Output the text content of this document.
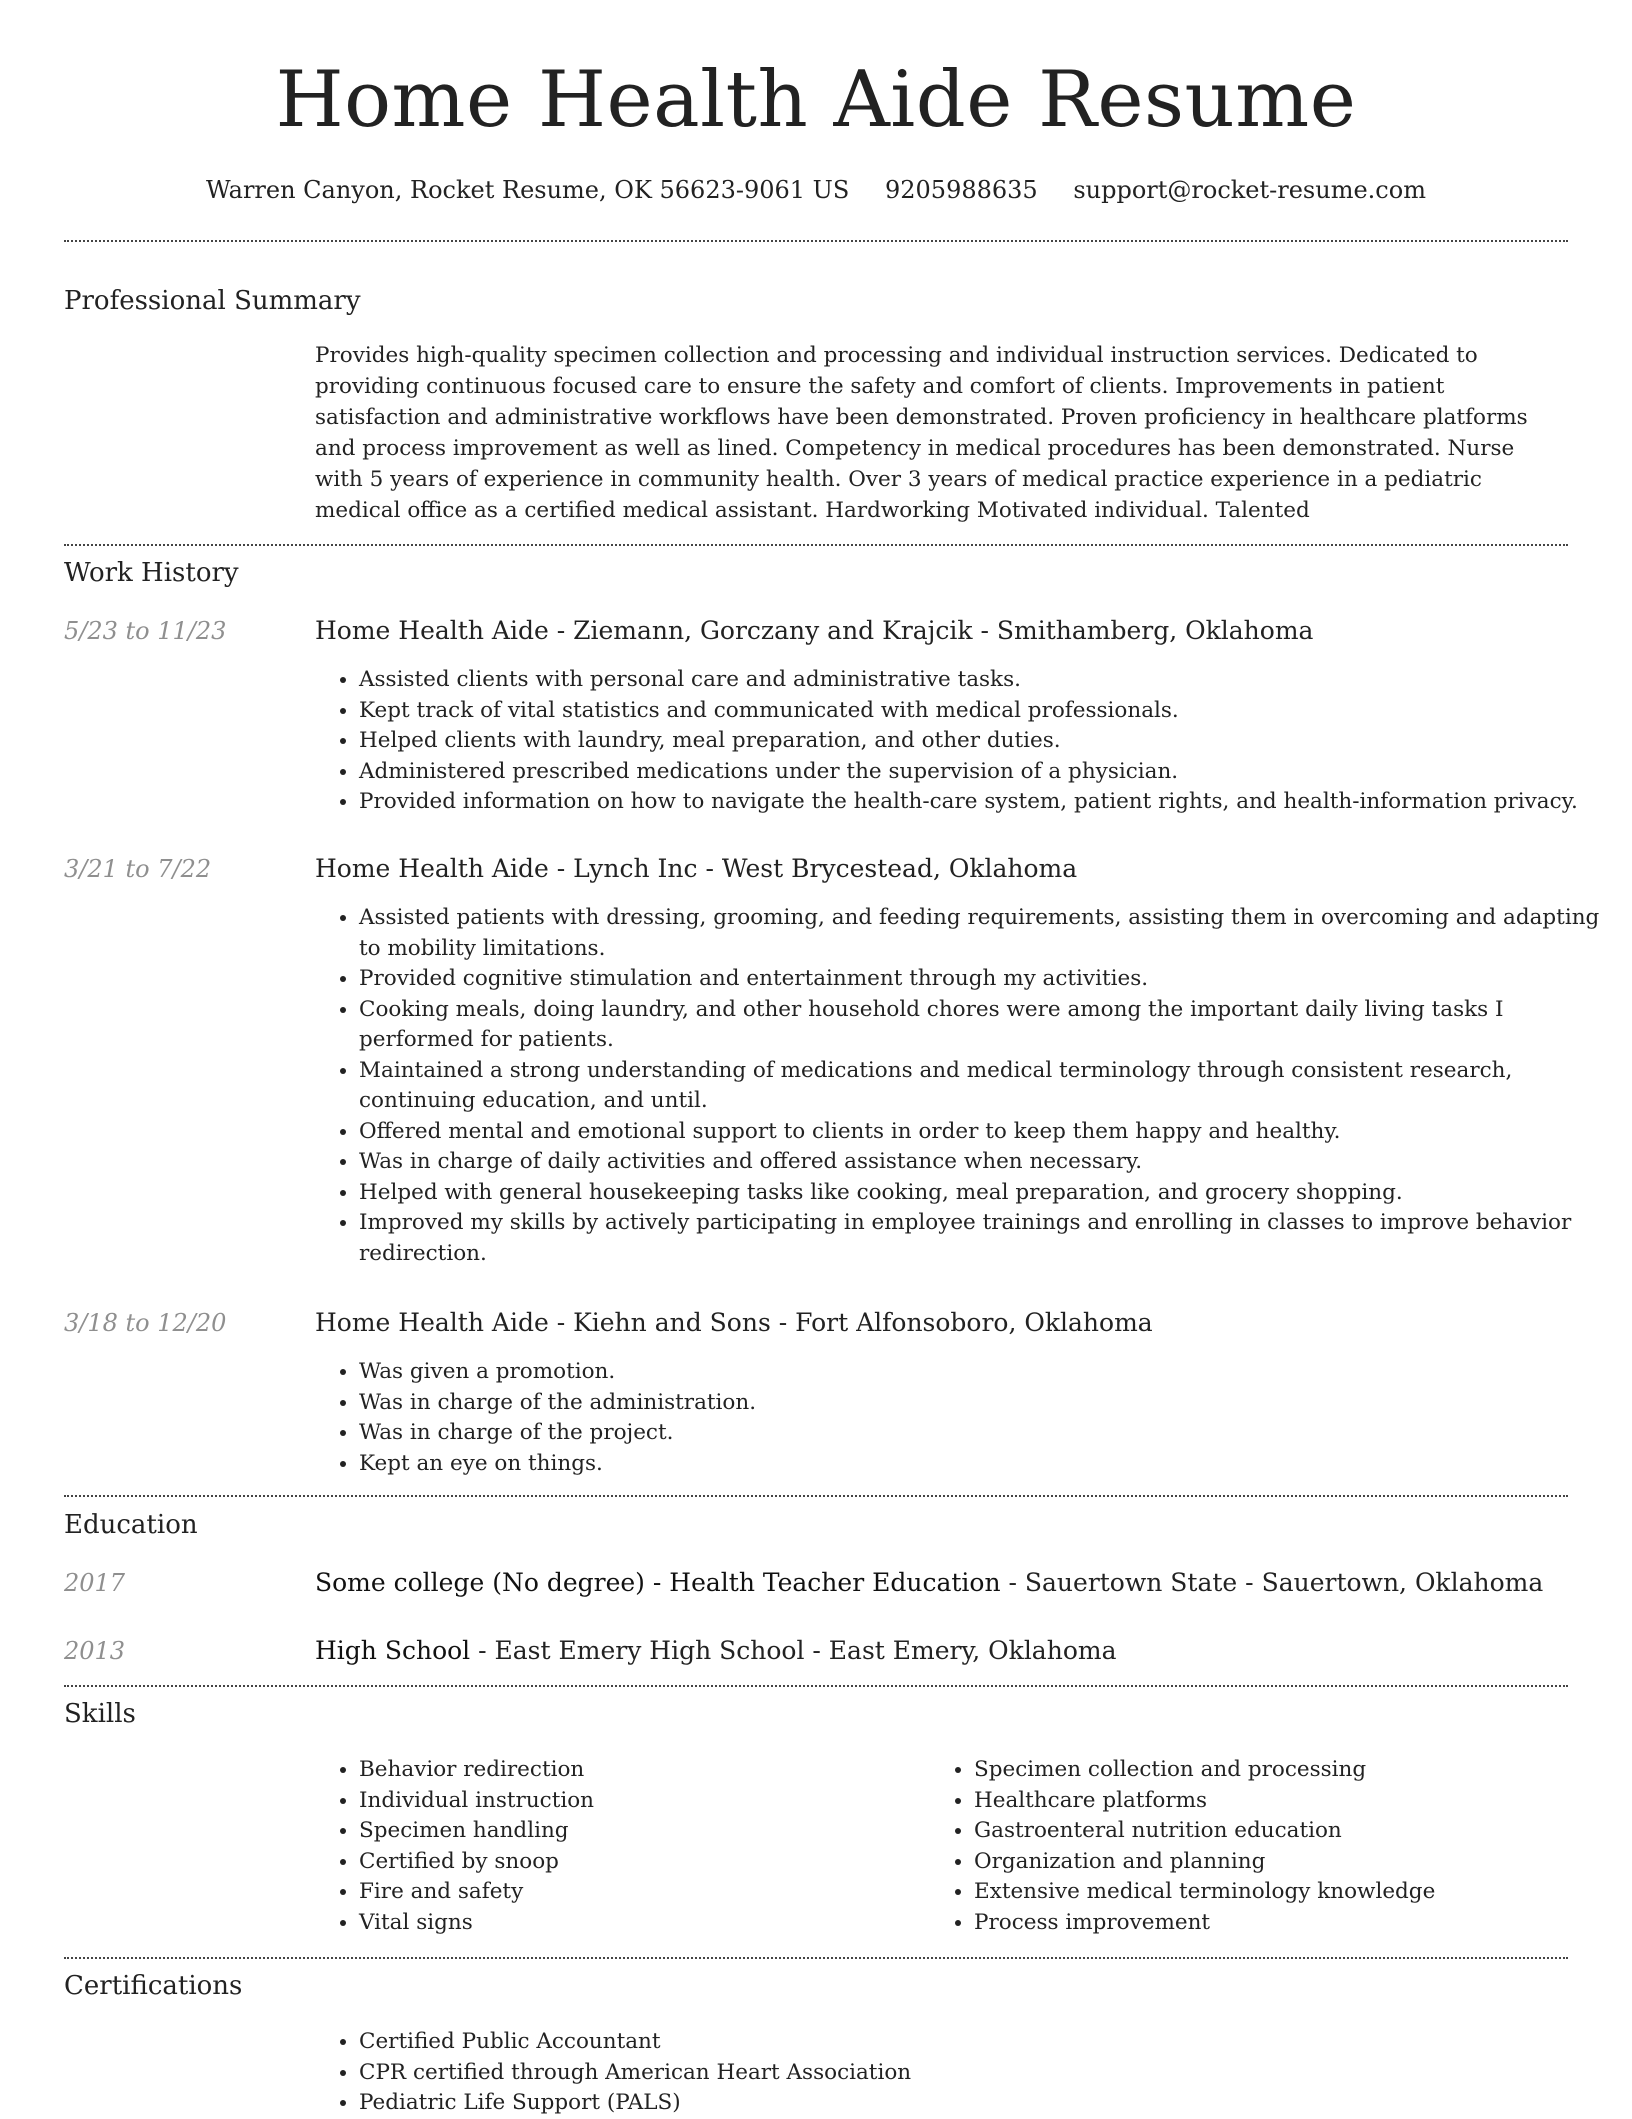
Home Health Aide Resume
Warren Canyon, Rocket Resume, OK 56623-9061 US 9205988635 support@rocket-resume.com
Professional Summary
Provides high-quality specimen collection and processing and individual instruction services. Dedicated to providing continuous focused care to ensure the safety and comfort of clients. Improvements in patient satisfaction and administrative workflows have been demonstrated. Proven proficiency in healthcare platforms and process improvement as well as lined. Competency in medical procedures has been demonstrated. Nurse with 5 years of experience in community health. Over 3 years of medical practice experience in a pediatric medical office as a certified medical assistant. Hardworking Motivated individual. Talented
Work History
5/23 to 11/23	Home Health Aide - Ziemann, Gorczany and Krajcik - Smithamberg, Oklahoma
• Assisted clients with personal care and administrative tasks.
• Kept track of vital statistics and communicated with medical professionals.
• Helped clients with laundry, meal preparation, and other duties.
• Administered prescribed medications under the supervision of a physician.
• Provided information on how to navigate the health-care system, patient rights, and health-information privacy.
3/21 to 7/22	Home Health Aide - Lynch Inc - West Brycestead, Oklahoma
• Assisted patients with dressing, grooming, and feeding requirements, assisting them in overcoming and adapting to mobility limitations.
• Provided cognitive stimulation and entertainment through my activities.
• Cooking meals, doing laundry, and other household chores were among the important daily living tasks I performed for patients.
• Maintained a strong understanding of medications and medical terminology through consistent research, continuing education, and until.
• Offered mental and emotional support to clients in order to keep them happy and healthy.
• Was in charge of daily activities and offered assistance when necessary.
• Helped with general housekeeping tasks like cooking, meal preparation, and grocery shopping.
• Improved my skills by actively participating in employee trainings and enrolling in classes to improve behavior redirection.
3/18 to 12/20	Home Health Aide - Kiehn and Sons - Fort Alfonsoboro, Oklahoma
• Was given a promotion.
• Was in charge of the administration.
• Was in charge of the project.
• Kept an eye on things.
Education
2017	Some college (No degree) - Health Teacher Education - Sauertown State - Sauertown, Oklahoma
2013	High School - East Emery High School - East Emery, Oklahoma
Skills
• Behavior redirection
• Individual instruction
• Specimen handling
• Certified by snoop
• Fire and safety
• Vital signs
• Specimen collection and processing
• Healthcare platforms
• Gastroenteral nutrition education
• Organization and planning
• Extensive medical terminology knowledge
• Process improvement
Certifications
• Certified Public Accountant
• CPR certified through American Heart Association
• Pediatric Life Support (PALS)
